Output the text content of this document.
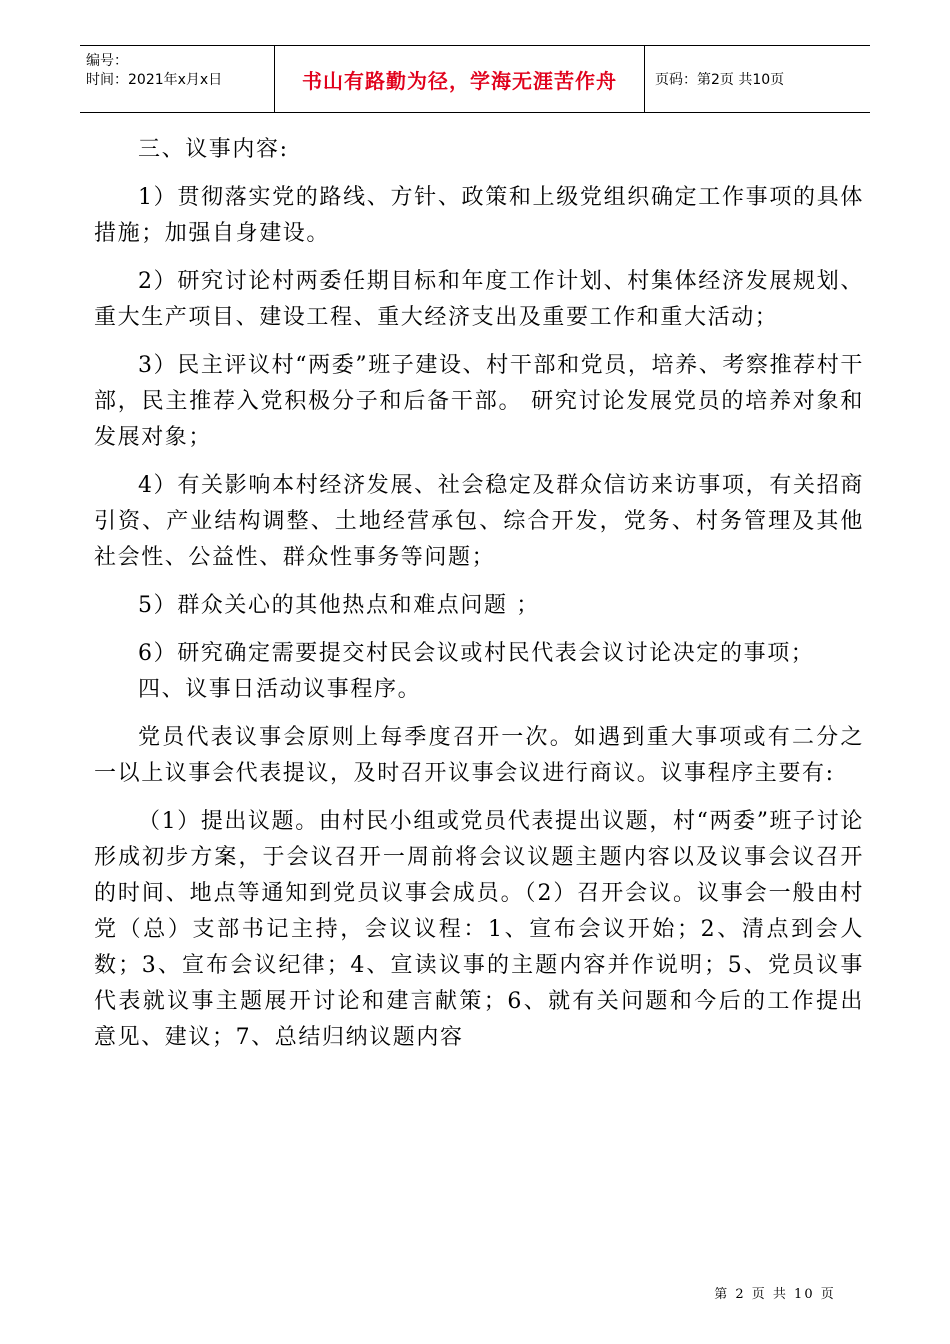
编号：
时间：2021年x月x日	书山有路勤为径，学海无涯苦作舟	页码：第2页 共10页

三、议事内容:

1）贯彻落实党的路线、方针、政策和上级党组织确定工作事项的具体措施；加强自身建设。

2）研究讨论村两委任期目标和年度工作计划、村集体经济发展规划、重大生产项目、建设工程、重大经济支出及重要工作和重大活动；

3）民主评议村“两委”班子建设、村干部和党员，培养、考察推荐村干部，民主推荐入党积极分子和后备干部。 研究讨论发展党员的培养对象和发展对象；

4）有关影响本村经济发展、社会稳定及群众信访来访事项，有关招商引资、产业结构调整、土地经营承包、综合开发，党务、村务管理及其他社会性、公益性、群众性事务等问题；

5）群众关心的其他热点和难点问题 ；

6）研究确定需要提交村民会议或村民代表会议讨论决定的事项；

四、议事日活动议事程序。

党员代表议事会原则上每季度召开一次。如遇到重大事项或有二分之一以上议事会代表提议，及时召开议事会议进行商议。议事程序主要有:

（1）提出议题。由村民小组或党员代表提出议题，村“两委”班子讨论形成初步方案，于会议召开一周前将会议议题主题内容以及议事会议召开的时间、地点等通知到党员议事会成员。（2）召开会议。议事会一般由村党（总）支部书记主持，会议议程：1、宣布会议开始；2、清点到会人数；3、宣布会议纪律；4、宣读议事的主题内容并作说明；5、党员议事代表就议事主题展开讨论和建言献策；6、就有关问题和今后的工作提出意见、建议；7、总结归纳议题内容

第 2 页 共 10 页
